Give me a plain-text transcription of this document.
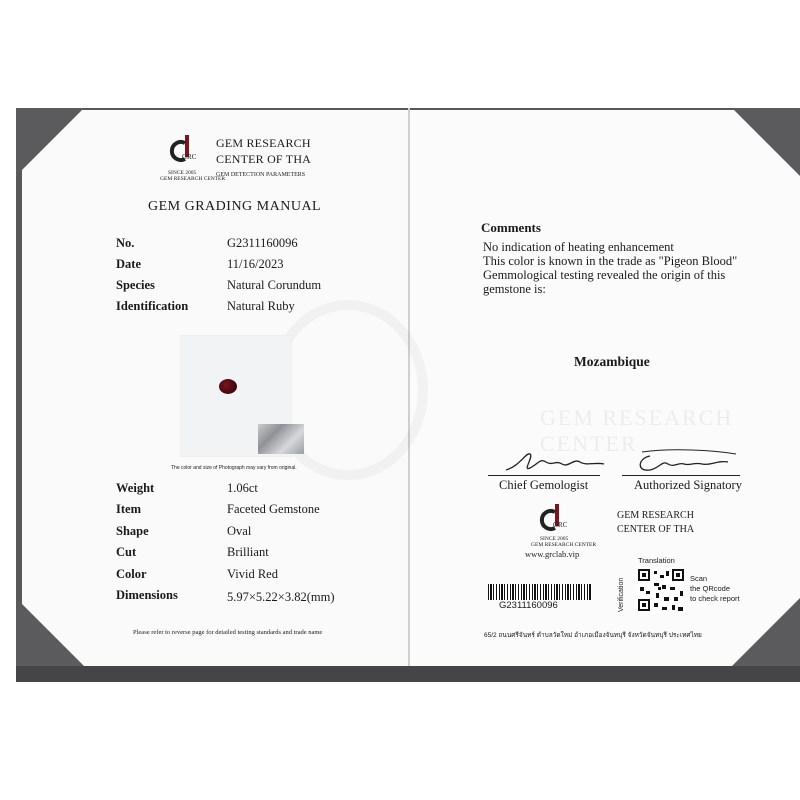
GRC
SINCE 2005
GEM RESEARCH CENTER
GEM RESEARCH
CENTER OF THA
GEM DETECTION PARAMETERS
GEM GRADING MANUAL
No.	G2311160096
Date	11/16/2023
Species	Natural Corundum
Identification	Natural Ruby
The color and size of Photograph may vary from original.
Weight	1.06ct
Item	Faceted Gemstone
Shape	Oval
Cut	Brilliant
Color	Vivid Red
Dimensions	5.97×5.22×3.82(mm)
Please refer to reverse page for detailed testing standards and trade name
GEM RESEARCH CENTER
Comments
No indication of heating enhancement
This color is known in the trade as "Pigeon Blood"
Gemmological testing revealed the origin of this
gemstone is:
Mozambique
Chief Gemologist	Authorized Signatory
GRC
SINCE 2005
GEM RESEARCH CENTER
www.grclab.vip
GEM RESEARCH
CENTER OF THA
G2311160096
Translation
Verification	Scan
the QRcode
to check report
65/2 ถนนศรีจันทร์ ตำบลวัดใหม่ อำเภอเมืองจันทบุรี จังหวัดจันทบุรี ประเทศไทย
